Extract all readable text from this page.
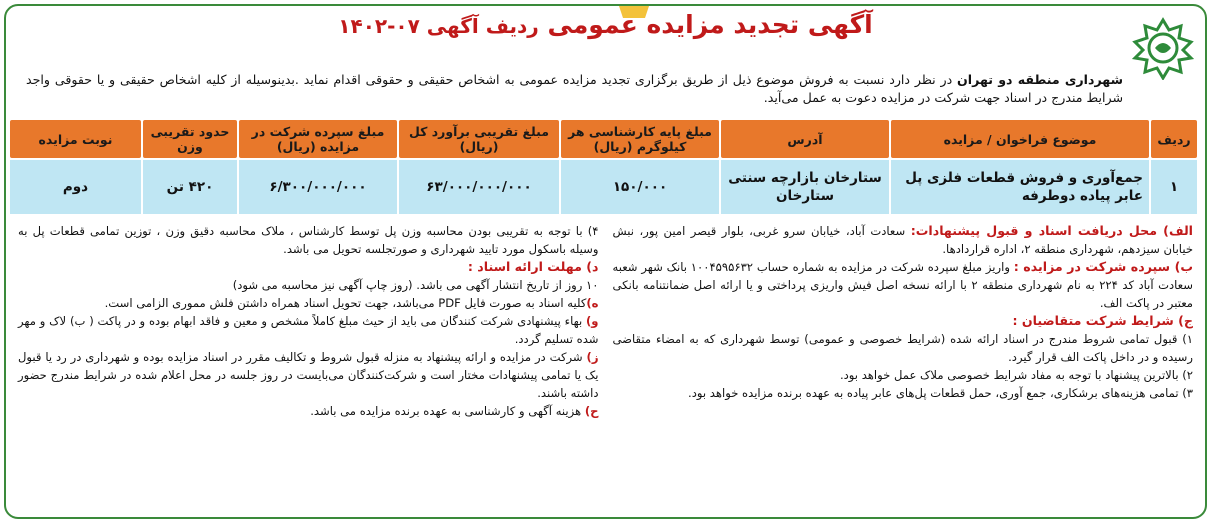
آگهی تجدید مزایده عمومی ردیف آگهی ۰۷-۱۴۰۲

شهرداری منطقه دو تهران در نظر دارد نسبت به فروش موضوع ذیل از طریق برگزاری تجدید مزایده عمومی به اشخاص حقیقی و حقوقی اقدام نماید .بدینوسیله از کلیه اشخاص حقیقی و یا حقوقی واجد شرایط مندرج در اسناد جهت شرکت در مزایده دعوت به عمل می‌آید.

ردیف	موضوع فراخوان / مزایده	آدرس	مبلغ پایه کارشناسی هر کیلوگرم (ریال)	مبلغ تقریبی برآورد کل (ریال)	مبلغ سپرده شرکت در مزایده (ریال)	حدود تقریبی وزن	نوبت مزایده
۱	جمع‌آوری و فروش قطعات فلزی پل عابر پیاده دوطرفه	ستارخان بازارچه سنتی ستارخان	۱۵۰/۰۰۰	۶۳/۰۰۰/۰۰۰/۰۰۰	۶/۳۰۰/۰۰۰/۰۰۰	۴۲۰ تن	دوم

الف) محل دریافت اسناد و قبول پیشنهادات: سعادت آباد، خیابان سرو غربی، بلوار قیصر امین پور، نبش خیابان سیزدهم، شهرداری منطقه ۲، اداره قراردادها.

ب) سپرده شرکت در مزایده : واریز مبلغ سپرده شرکت در مزایده به شماره حساب ۱۰۰۴۵۹۵۶۳۲ بانک شهر شعبه سعادت آباد کد ۲۲۴ به نام شهرداری منطقه ۲ با ارائه نسخه اصل فیش واریزی پرداختی و یا ارائه اصل ضمانتنامه بانکی معتبر در پاکت الف.

ج) شرایط شرکت متقاضیان :

۱) قبول تمامی شروط مندرج در اسناد ارائه شده (شرایط خصوصی و عمومی) توسط شهرداری که به امضاء متقاضی رسیده و در داخل پاکت الف قرار گیرد.

۲) بالاترین پیشنهاد با توجه به مفاد شرایط خصوصی ملاک عمل خواهد بود.

۳) تمامی هزینه‌های برشکاری، جمع آوری، حمل قطعات پل‌های عابر پیاده به عهده برنده مزایده خواهد بود.

۴) با توجه به تقریبی بودن محاسبه وزن پل توسط کارشناس ، ملاک محاسبه دقیق وزن ، توزین تمامی قطعات پل به وسیله باسکول مورد تایید شهرداری و صورتجلسه تحویل می باشد.

د) مهلت ارائه اسناد :

۱۰ روز از تاریخ انتشار آگهی می باشد. (روز چاپ آگهی نیز محاسبه می شود)

ه)کلیه اسناد به صورت فایل PDF می‌باشد، جهت تحویل اسناد همراه داشتن فلش مموری الزامی است.

و) بهاء پیشنهادی شرکت کنندگان می باید از حیث مبلغ کاملاً مشخص و معین و فاقد ابهام بوده و در پاکت ( ب) لاک و مهر شده تسلیم گردد.

ز) شرکت در مزایده و ارائه پیشنهاد به منزله قبول شروط و تکالیف مقرر در اسناد مزایده بوده و شهرداری در رد یا قبول یک یا تمامی پیشنهادات مختار است و شرکت‌کنندگان می‌بایست در روز جلسه در محل اعلام شده در شرایط مندرج حضور داشته باشند.

ح) هزینه آگهی و کارشناسی به عهده برنده مزایده می باشد.
